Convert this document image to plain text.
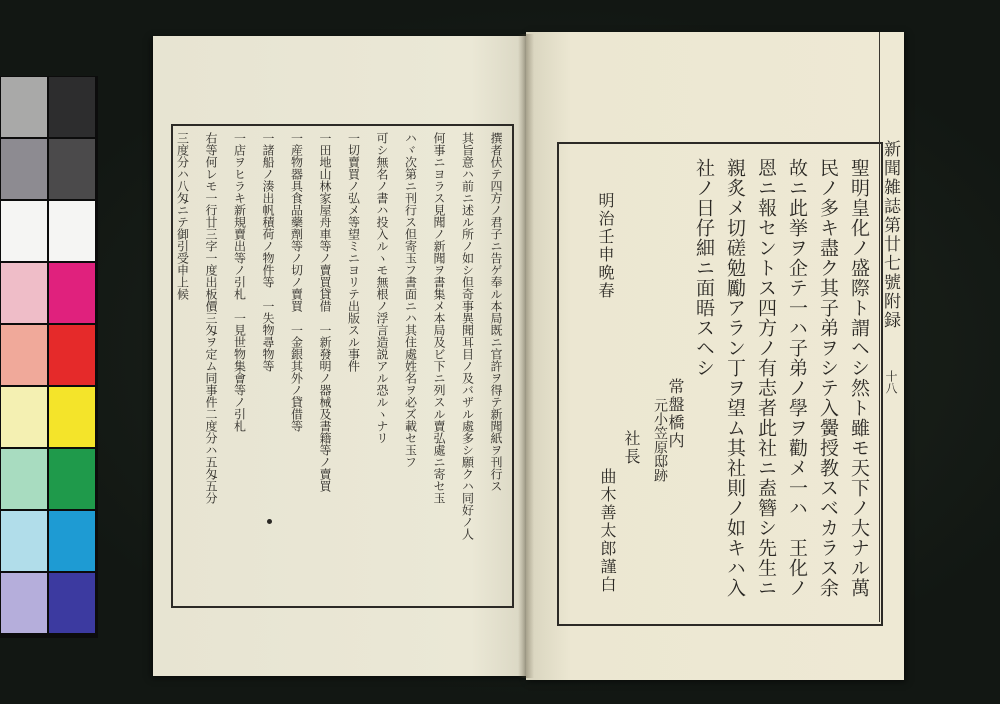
撰者伏テ四方ノ君子ニ告ゲ奉ル本局既ニ官許ヲ得テ新聞紙ヲ刊行ス
其旨意ハ前ニ述ル所ノ如シ但奇事異聞耳目ノ及バザル處多シ願クハ同好ノ人
何事ニヨラス見聞ノ新聞ヲ書集メ本局及ビ下ニ列スル賣弘處ニ寄セ玉
ハヾ次第ニ刊行ス但寄玉フ書面ニハ其住處姓名ヲ必ズ載セ玉フ
可シ無名ノ書ハ投入ルヽモ無根ノ浮言造説アル恐ルヽナリ
一切賣買ノ弘メ等望ミニヨリテ出版スル事件
一田地山林家屋舟車等ノ賣買貸借　一新發明ノ器械及書籍等ノ賣買
一産物器具食品藥劑等ノ切ノ賣買　一金銀其外ノ貸借等
一諸船ノ湊出帆積荷ノ物件等　一失物尋物等
一店ヲヒラキ新規賣出等ノ引札　一見世物集會等ノ引札
右等何レモ一行廿三字一度出板價三匁ヲ定ム同事件二度分ハ五匁五分
三度分ハ八匁ニテ御引受申上候	新聞雑誌第廿七號附録
十八
聖明皇化ノ盛際ト謂ヘシ然ト雖モ天下ノ大ナル萬
民ノ多キ盡ク其子弟ヲシテ入黌授教スベカラス余
故ニ此挙ヲ企テ一ハ子弟ノ學ヲ勸メ一ハ　王化ノ
恩ニ報セントス四方ノ有志者此社ニ盍簪シ先生ニ
親炙メ切磋勉勵アラン丁ヲ望ム其社則ノ如キハ入
社ノ日仔細ニ面晤スヘシ
明治壬申晩春
常盤橋内
元小笠原邸跡
社長
曲木善太郎謹白
